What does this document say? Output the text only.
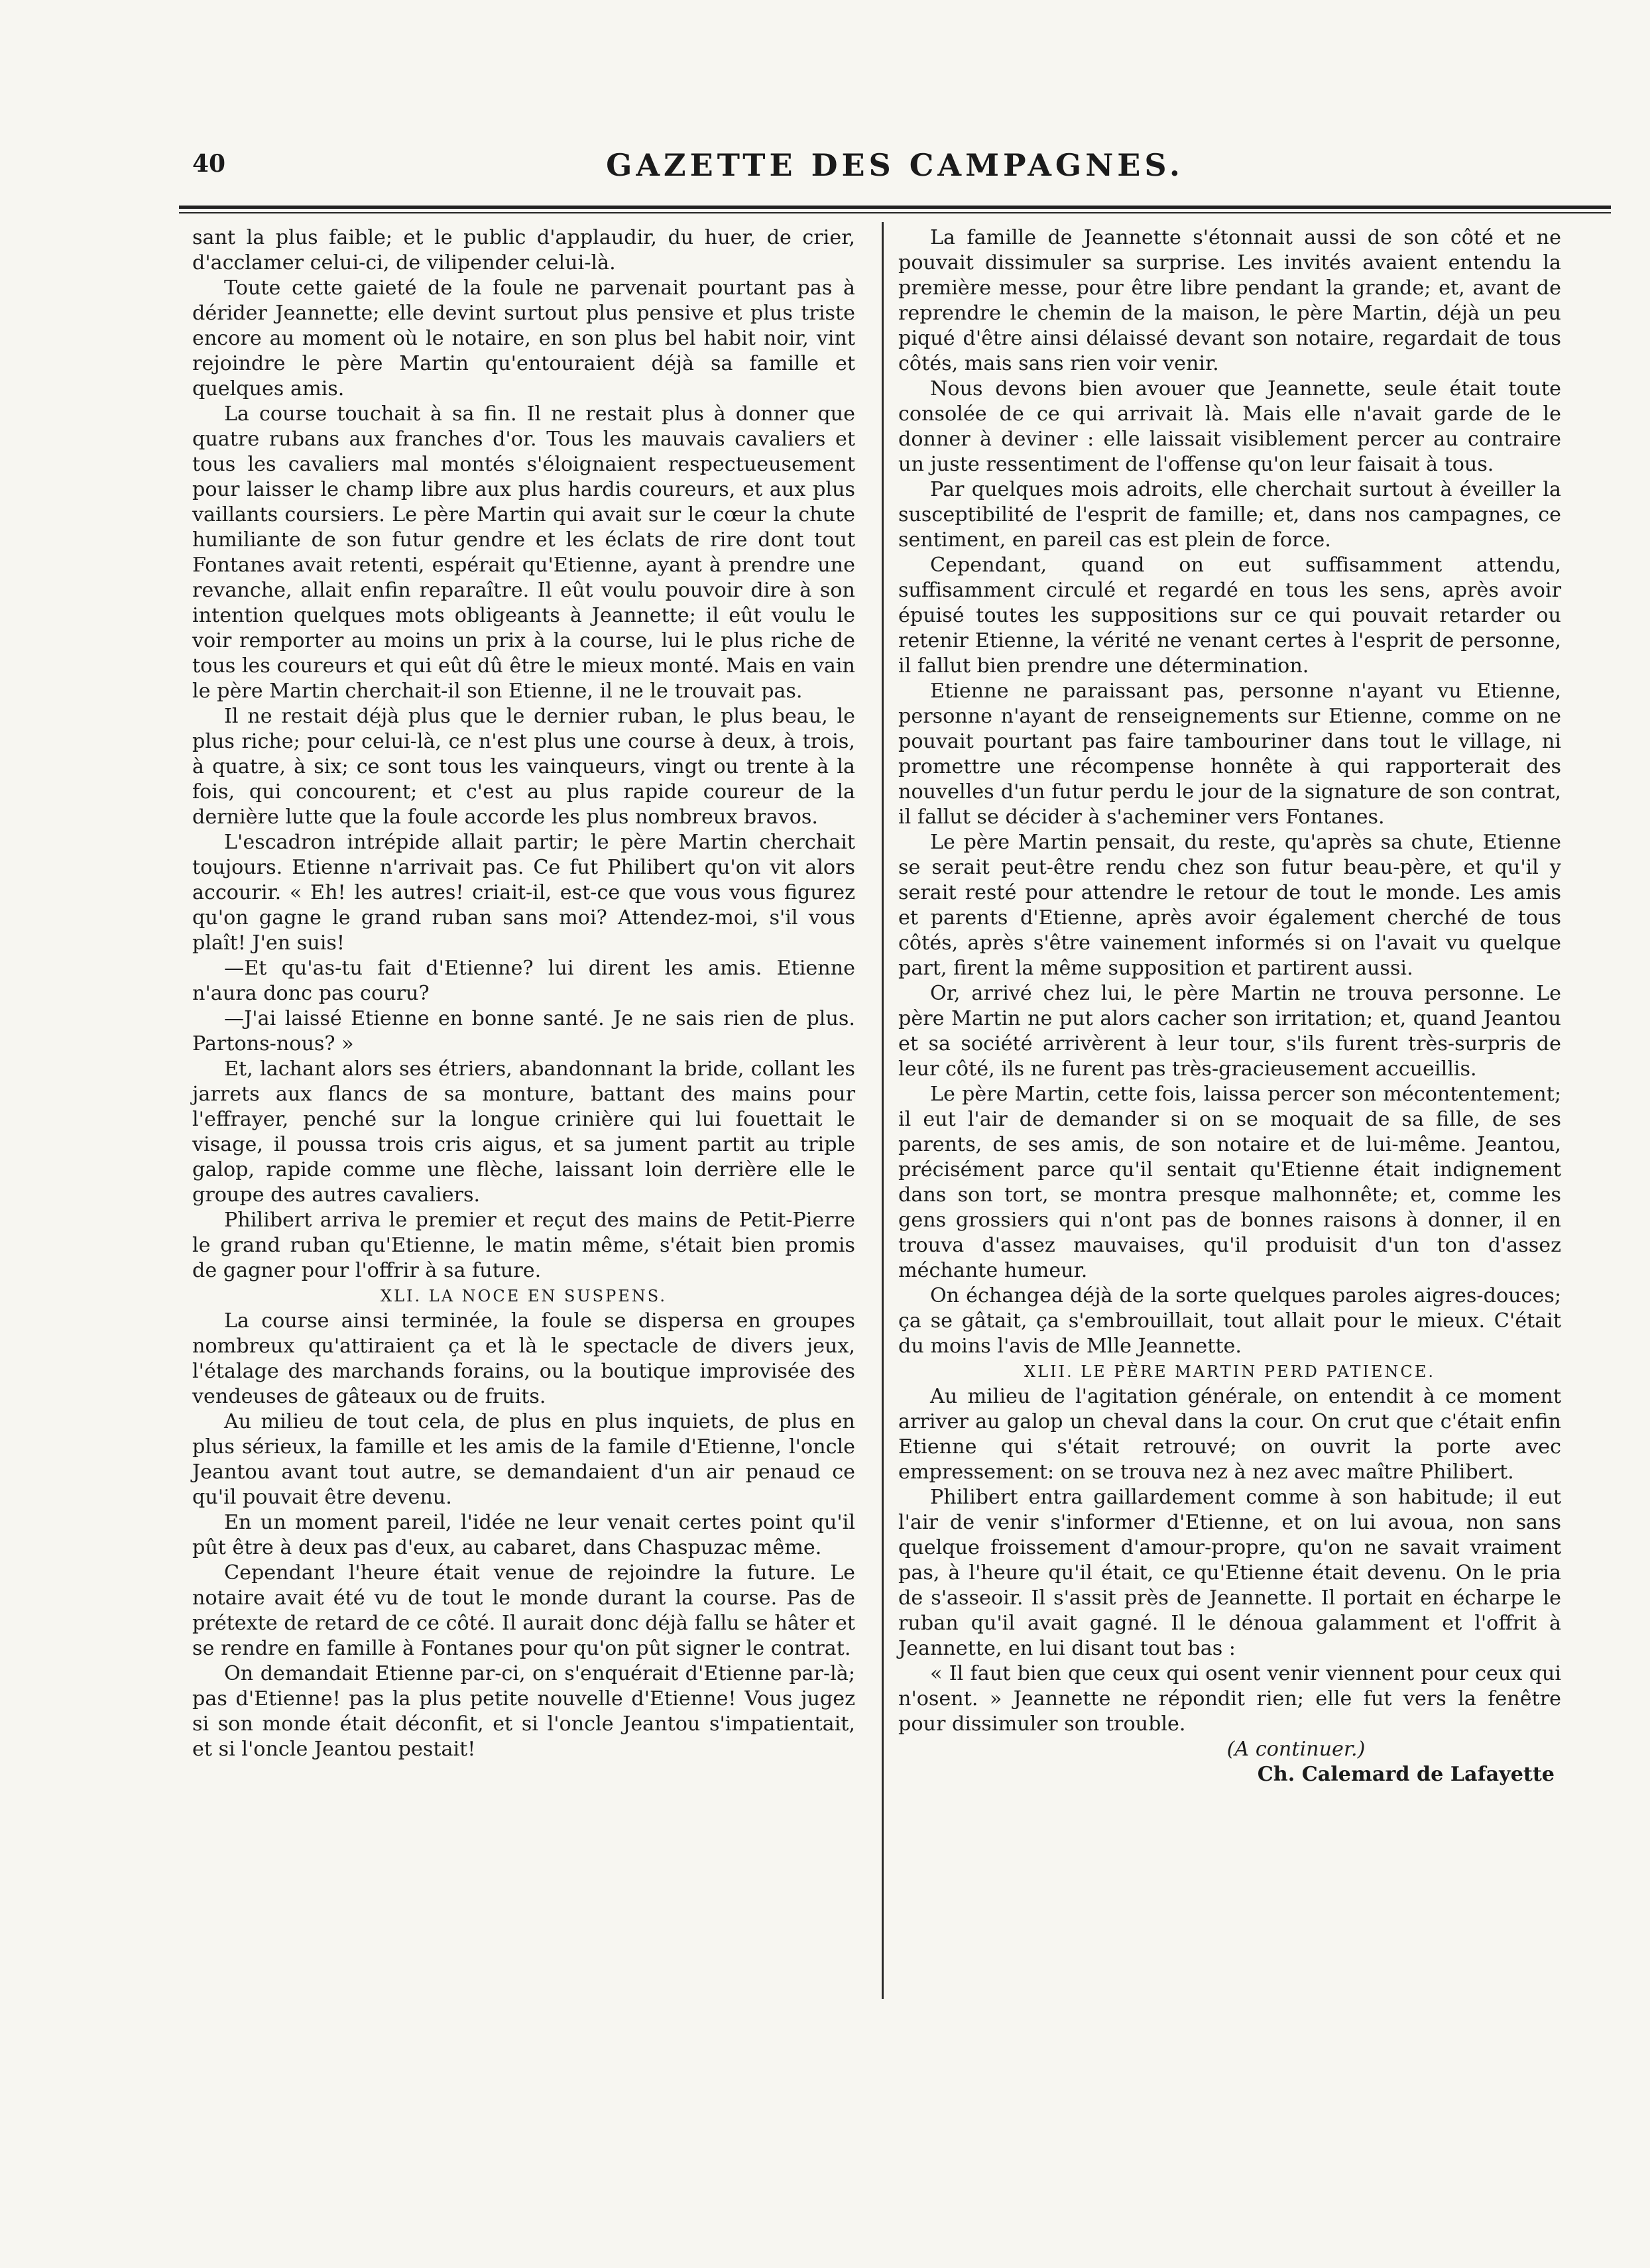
40	GAZETTE DES CAMPAGNES.

sant la plus faible; et le public d'applaudir, du huer, de crier, d'acclamer celui-ci, de vilipender celui-là.

Toute cette gaieté de la foule ne parvenait pourtant pas à dérider Jeannette; elle devint surtout plus pensive et plus triste encore au moment où le notaire, en son plus bel habit noir, vint rejoindre le père Martin qu'entouraient déjà sa famille et quelques amis.

La course touchait à sa fin. Il ne restait plus à donner que quatre rubans aux franches d'or. Tous les mauvais cavaliers et tous les cavaliers mal montés s'éloignaient respectueusement pour laisser le champ libre aux plus hardis coureurs, et aux plus vaillants coursiers. Le père Martin qui avait sur le cœur la chute humiliante de son futur gendre et les éclats de rire dont tout Fontanes avait retenti, espérait qu'Etienne, ayant à prendre une revanche, allait enfin reparaître. Il eût voulu pouvoir dire à son intention quelques mots obligeants à Jeannette; il eût voulu le voir remporter au moins un prix à la course, lui le plus riche de tous les coureurs et qui eût dû être le mieux monté. Mais en vain le père Martin cherchait-il son Etienne, il ne le trouvait pas.

Il ne restait déjà plus que le dernier ruban, le plus beau, le plus riche; pour celui-là, ce n'est plus une course à deux, à trois, à quatre, à six; ce sont tous les vainqueurs, vingt ou trente à la fois, qui concourent; et c'est au plus rapide coureur de la dernière lutte que la foule accorde les plus nombreux bravos.

L'escadron intrépide allait partir; le père Martin cherchait toujours. Etienne n'arrivait pas. Ce fut Philibert qu'on vit alors accourir. « Eh! les autres! criait-il, est-ce que vous vous figurez qu'on gagne le grand ruban sans moi? Attendez-moi, s'il vous plaît! J'en suis!

—Et qu'as-tu fait d'Etienne? lui dirent les amis. Etienne n'aura donc pas couru?

—J'ai laissé Etienne en bonne santé. Je ne sais rien de plus. Partons-nous? »

Et, lachant alors ses étriers, abandonnant la bride, collant les jarrets aux flancs de sa monture, battant des mains pour l'effrayer, penché sur la longue crinière qui lui fouettait le visage, il poussa trois cris aigus, et sa jument partit au triple galop, rapide comme une flèche, laissant loin derrière elle le groupe des autres cavaliers.

Philibert arriva le premier et reçut des mains de Petit-Pierre le grand ruban qu'Etienne, le matin même, s'était bien promis de gagner pour l'offrir à sa future.

XLI. LA NOCE EN SUSPENS.

La course ainsi terminée, la foule se dispersa en groupes nombreux qu'attiraient ça et là le spectacle de divers jeux, l'étalage des marchands forains, ou la boutique improvisée des vendeuses de gâteaux ou de fruits.

Au milieu de tout cela, de plus en plus inquiets, de plus en plus sérieux, la famille et les amis de la famile d'Etienne, l'oncle Jeantou avant tout autre, se demandaient d'un air penaud ce qu'il pouvait être devenu.

En un moment pareil, l'idée ne leur venait certes point qu'il pût être à deux pas d'eux, au cabaret, dans Chaspuzac même.

Cependant l'heure était venue de rejoindre la future. Le notaire avait été vu de tout le monde durant la course. Pas de prétexte de retard de ce côté. Il aurait donc déjà fallu se hâter et se rendre en famille à Fontanes pour qu'on pût signer le contrat.

On demandait Etienne par-ci, on s'enquérait d'Etienne par-là; pas d'Etienne! pas la plus petite nouvelle d'Etienne! Vous jugez si son monde était déconfit, et si l'oncle Jeantou s'impatientait, et si l'oncle Jeantou pestait!

La famille de Jeannette s'étonnait aussi de son côté et ne pouvait dissimuler sa surprise. Les invités avaient entendu la première messe, pour être libre pendant la grande; et, avant de reprendre le chemin de la maison, le père Martin, déjà un peu piqué d'être ainsi délaissé devant son notaire, regardait de tous côtés, mais sans rien voir venir.

Nous devons bien avouer que Jeannette, seule était toute consolée de ce qui arrivait là. Mais elle n'avait garde de le donner à deviner : elle laissait visiblement percer au contraire un juste ressentiment de l'offense qu'on leur faisait à tous.

Par quelques mois adroits, elle cherchait surtout à éveiller la susceptibilité de l'esprit de famille; et, dans nos campagnes, ce sentiment, en pareil cas est plein de force.

Cependant, quand on eut suffisamment attendu, suffisamment circulé et regardé en tous les sens, après avoir épuisé toutes les suppositions sur ce qui pouvait retarder ou retenir Etienne, la vérité ne venant certes à l'esprit de personne, il fallut bien prendre une détermination.

Etienne ne paraissant pas, personne n'ayant vu Etienne, personne n'ayant de renseignements sur Etienne, comme on ne pouvait pourtant pas faire tambouriner dans tout le village, ni promettre une récompense honnête à qui rapporterait des nouvelles d'un futur perdu le jour de la signature de son contrat, il fallut se décider à s'acheminer vers Fontanes.

Le père Martin pensait, du reste, qu'après sa chute, Etienne se serait peut-être rendu chez son futur beau-père, et qu'il y serait resté pour attendre le retour de tout le monde. Les amis et parents d'Etienne, après avoir également cherché de tous côtés, après s'être vainement informés si on l'avait vu quelque part, firent la même supposition et partirent aussi.

Or, arrivé chez lui, le père Martin ne trouva personne. Le père Martin ne put alors cacher son irritation; et, quand Jeantou et sa société arrivèrent à leur tour, s'ils furent très-surpris de leur côté, ils ne furent pas très-gracieusement accueillis.

Le père Martin, cette fois, laissa percer son mécontentement; il eut l'air de demander si on se moquait de sa fille, de ses parents, de ses amis, de son notaire et de lui-même. Jeantou, précisément parce qu'il sentait qu'Etienne était indignement dans son tort, se montra presque malhonnête; et, comme les gens grossiers qui n'ont pas de bonnes raisons à donner, il en trouva d'assez mauvaises, qu'il produisit d'un ton d'assez méchante humeur.

On échangea déjà de la sorte quelques paroles aigres-douces; ça se gâtait, ça s'embrouillait, tout allait pour le mieux. C'était du moins l'avis de Mlle Jeannette.

XLII. LE PÈRE MARTIN PERD PATIENCE.

Au milieu de l'agitation générale, on entendit à ce moment arriver au galop un cheval dans la cour. On crut que c'était enfin Etienne qui s'était retrouvé; on ouvrit la porte avec empressement: on se trouva nez à nez avec maître Philibert.

Philibert entra gaillardement comme à son habitude; il eut l'air de venir s'informer d'Etienne, et on lui avoua, non sans quelque froissement d'amour-propre, qu'on ne savait vraiment pas, à l'heure qu'il était, ce qu'Etienne était devenu. On le pria de s'asseoir. Il s'assit près de Jeannette. Il portait en écharpe le ruban qu'il avait gagné. Il le dénoua galamment et l'offrit à Jeannette, en lui disant tout bas :

« Il faut bien que ceux qui osent venir viennent pour ceux qui n'osent. » Jeannette ne répondit rien; elle fut vers la fenêtre pour dissimuler son trouble.

(A continuer.)

Ch. Calemard de Lafayette
